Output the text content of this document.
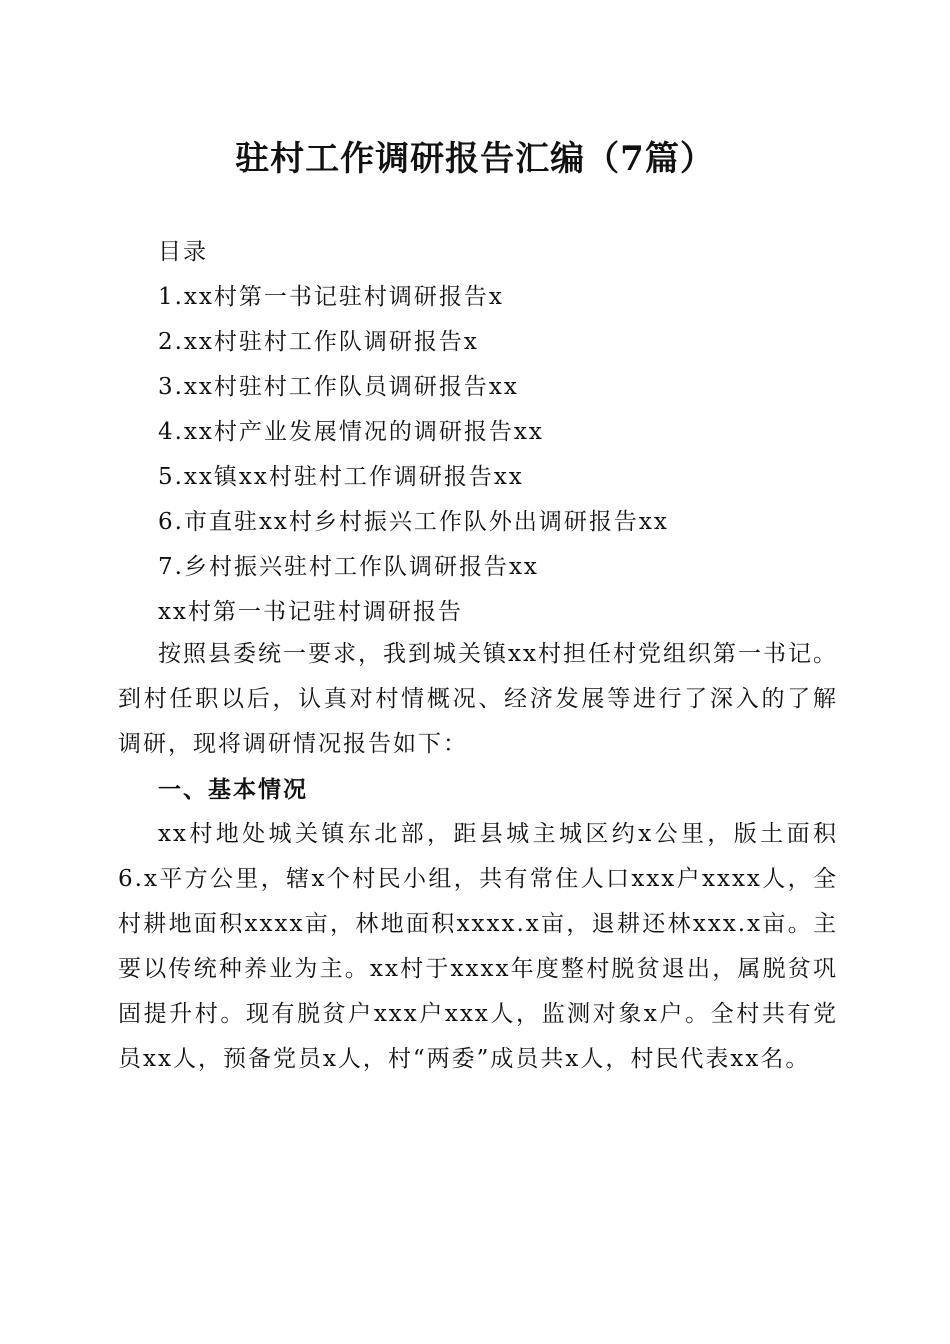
驻村工作调研报告汇编（7篇）
目录
1.xx村第一书记驻村调研报告x
2.xx村驻村工作队调研报告x
3.xx村驻村工作队员调研报告xx
4.xx村产业发展情况的调研报告xx
5.xx镇xx村驻村工作调研报告xx
6.市直驻xx村乡村振兴工作队外出调研报告xx
7.乡村振兴驻村工作队调研报告xx
xx村第一书记驻村调研报告

按照县委统一要求，我到城关镇xx村担任村党组织第一书记。到村任职以后，认真对村情概况、经济发展等进行了深入的了解调研，现将调研情况报告如下：

一、基本情况

xx村地处城关镇东北部，距县城主城区约x公里，版土面积6.x平方公里，辖x个村民小组，共有常住人口xxx户xxxx人，全村耕地面积xxxx亩，林地面积xxxx.x亩，退耕还林xxx.x亩。主要以传统种养业为主。xx村于xxxx年度整村脱贫退出，属脱贫巩固提升村。现有脱贫户xxx户xxx人，监测对象x户。全村共有党员xx人，预备党员x人，村“两委”成员共x人，村民代表xx名。
